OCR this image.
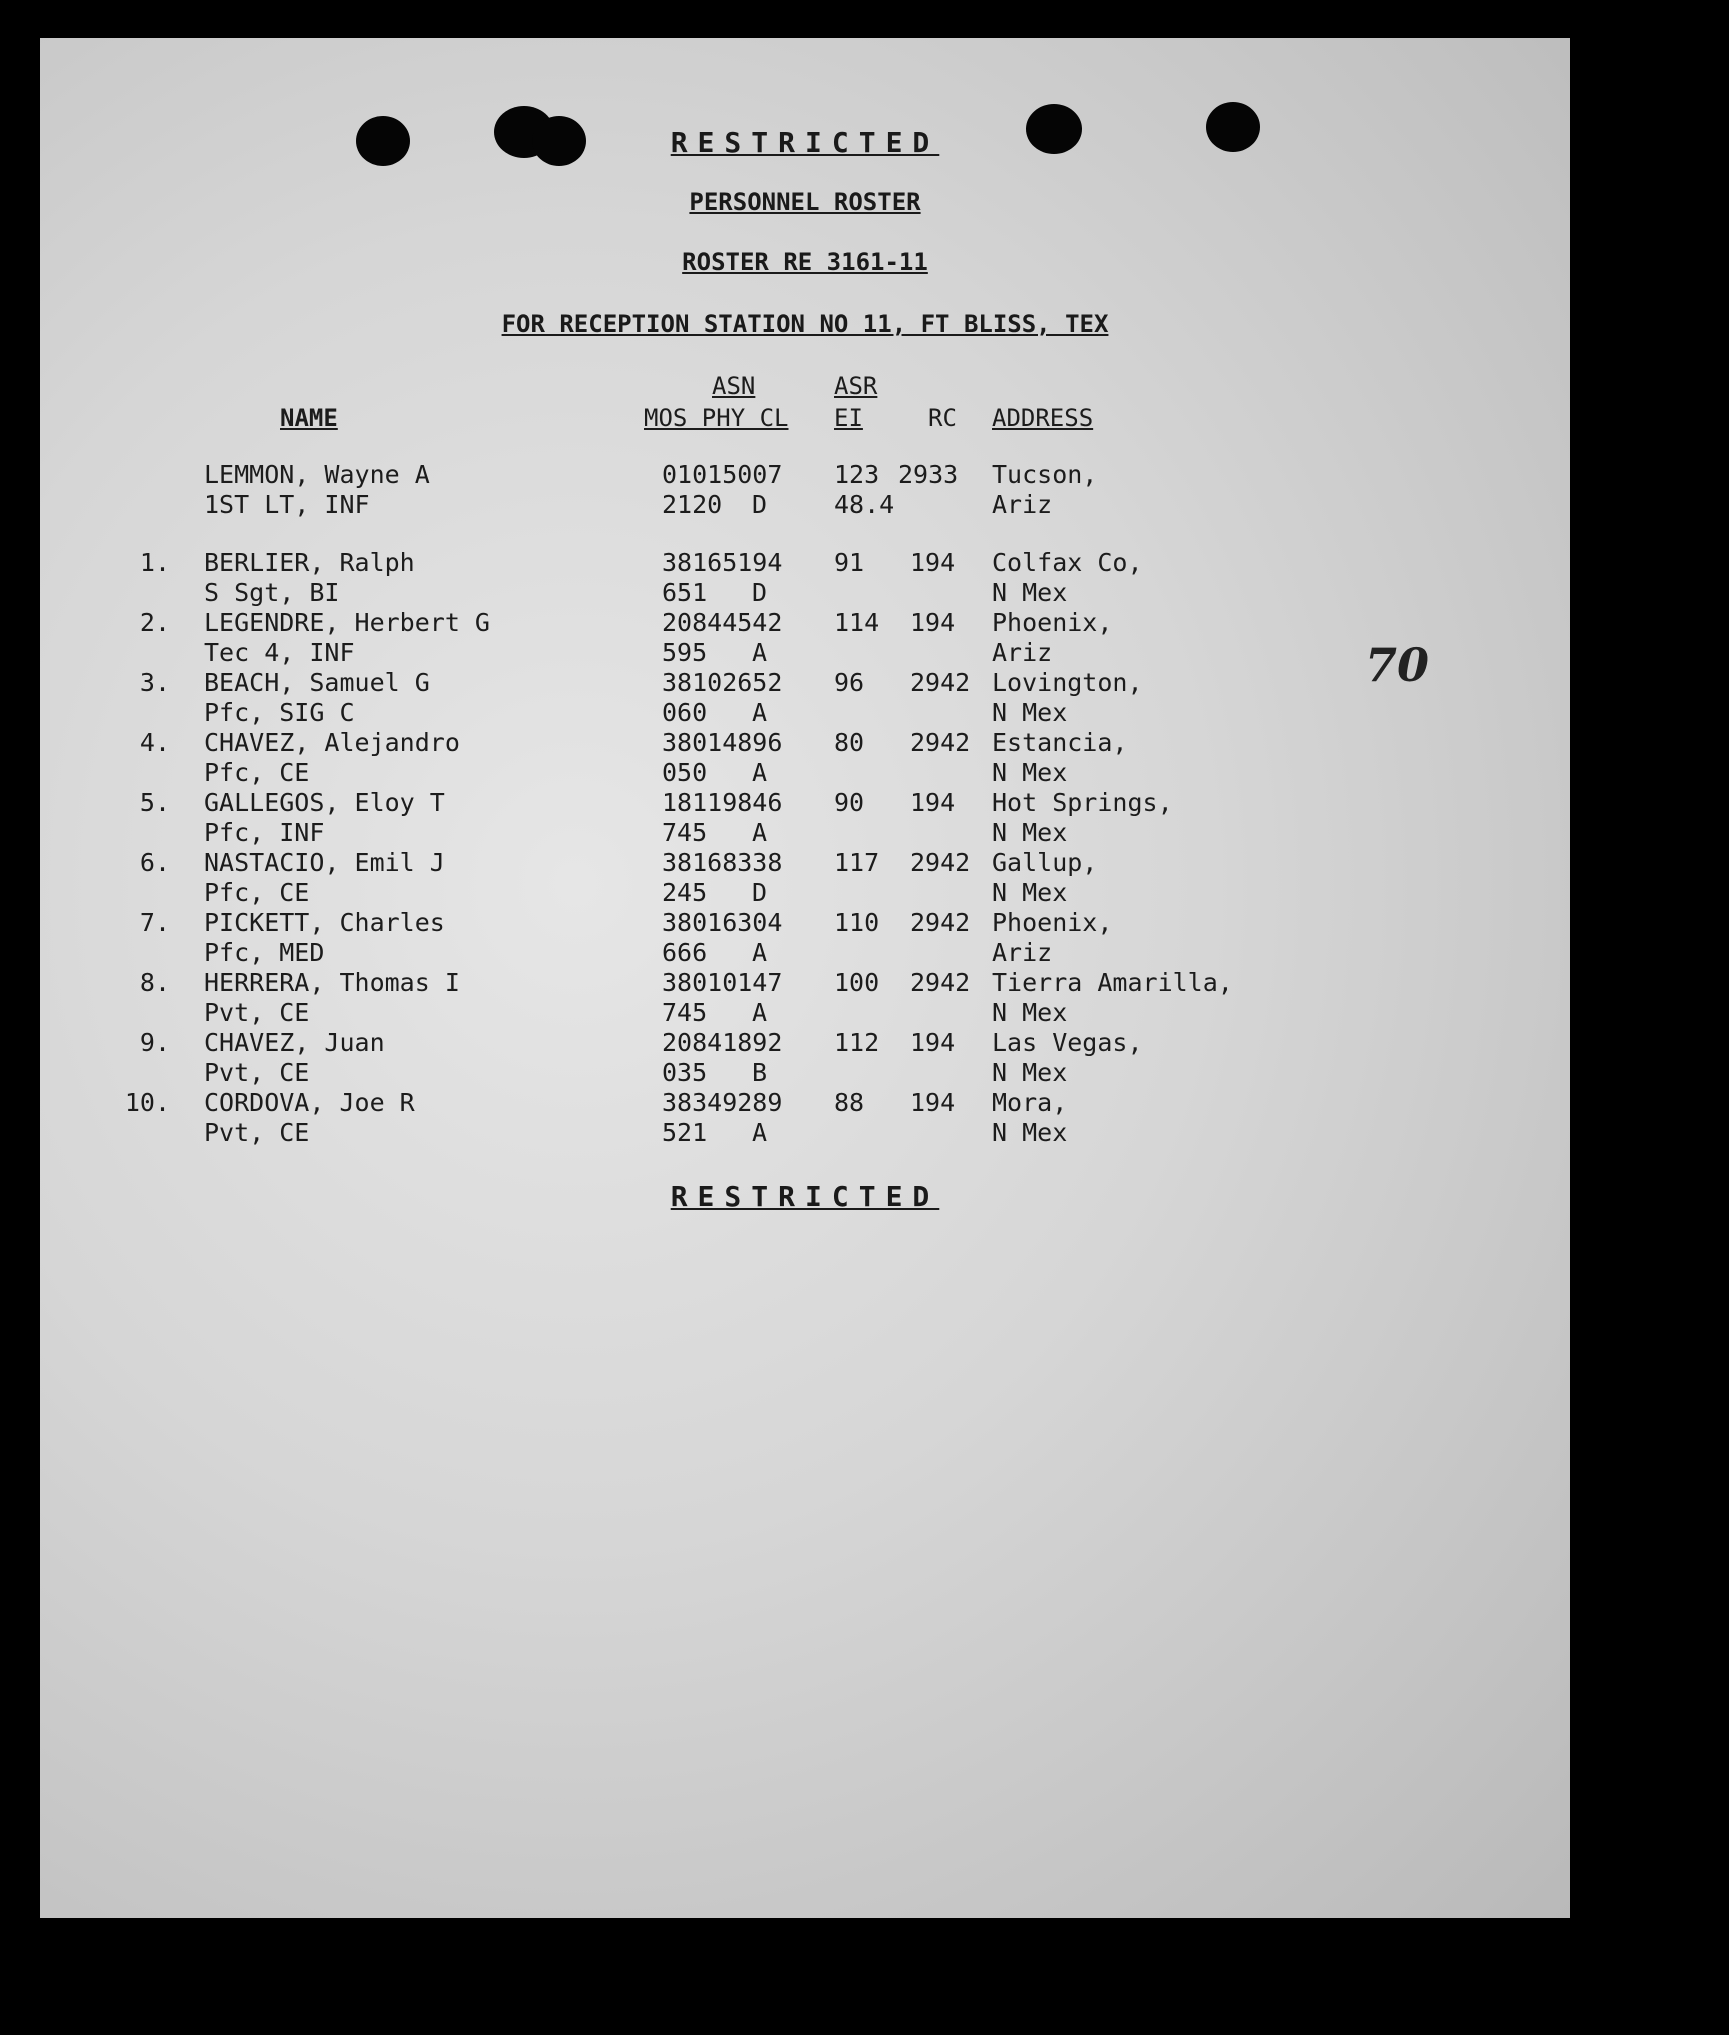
RESTRICTED
PERSONNEL ROSTER
ROSTER RE 3161-11
FOR RECEPTION STATION NO 11, FT BLISS, TEX
NAME
ASN
MOS PHY CL
ASR
EI	RC ADDRESS
LEMMON, Wayne A
1ST LT, INF
01015007
2120 D
123
48.4
2933 Tucson,
Ariz
1. BERLIER, Ralph
S Sgt, BI
38165194
651 D
91 194 Colfax Co,
N Mex
2. LEGENDRE, Herbert G
Tec 4, INF
20844542
595 A
114 194 Phoenix,
Ariz
3. BEACH, Samuel G
Pfc, SIG C
38102652
060 A
96 2942 Lovington,
N Mex
4. CHAVEZ, Alejandro
Pfc, CE
38014896
050 A
80 2942 Estancia,
N Mex
5. GALLEGOS, Eloy T
Pfc, INF
18119846
745 A
90 194 Hot Springs,
N Mex
6. NASTACIO, Emil J
Pfc, CE
38168338
245 D
117 2942 Gallup,
N Mex
7. PICKETT, Charles
Pfc, MED
38016304
666 A
110 2942 Phoenix,
Ariz
8. HERRERA, Thomas I
Pvt, CE
38010147
745 A
100 2942 Tierra Amarilla,
N Mex
9. CHAVEZ, Juan
Pvt, CE
20841892
035 B
112 194 Las Vegas,
N Mex
10. CORDOVA, Joe R
Pvt, CE
38349289
521 A
88 194 Mora,
N Mex
RESTRICTED
70
